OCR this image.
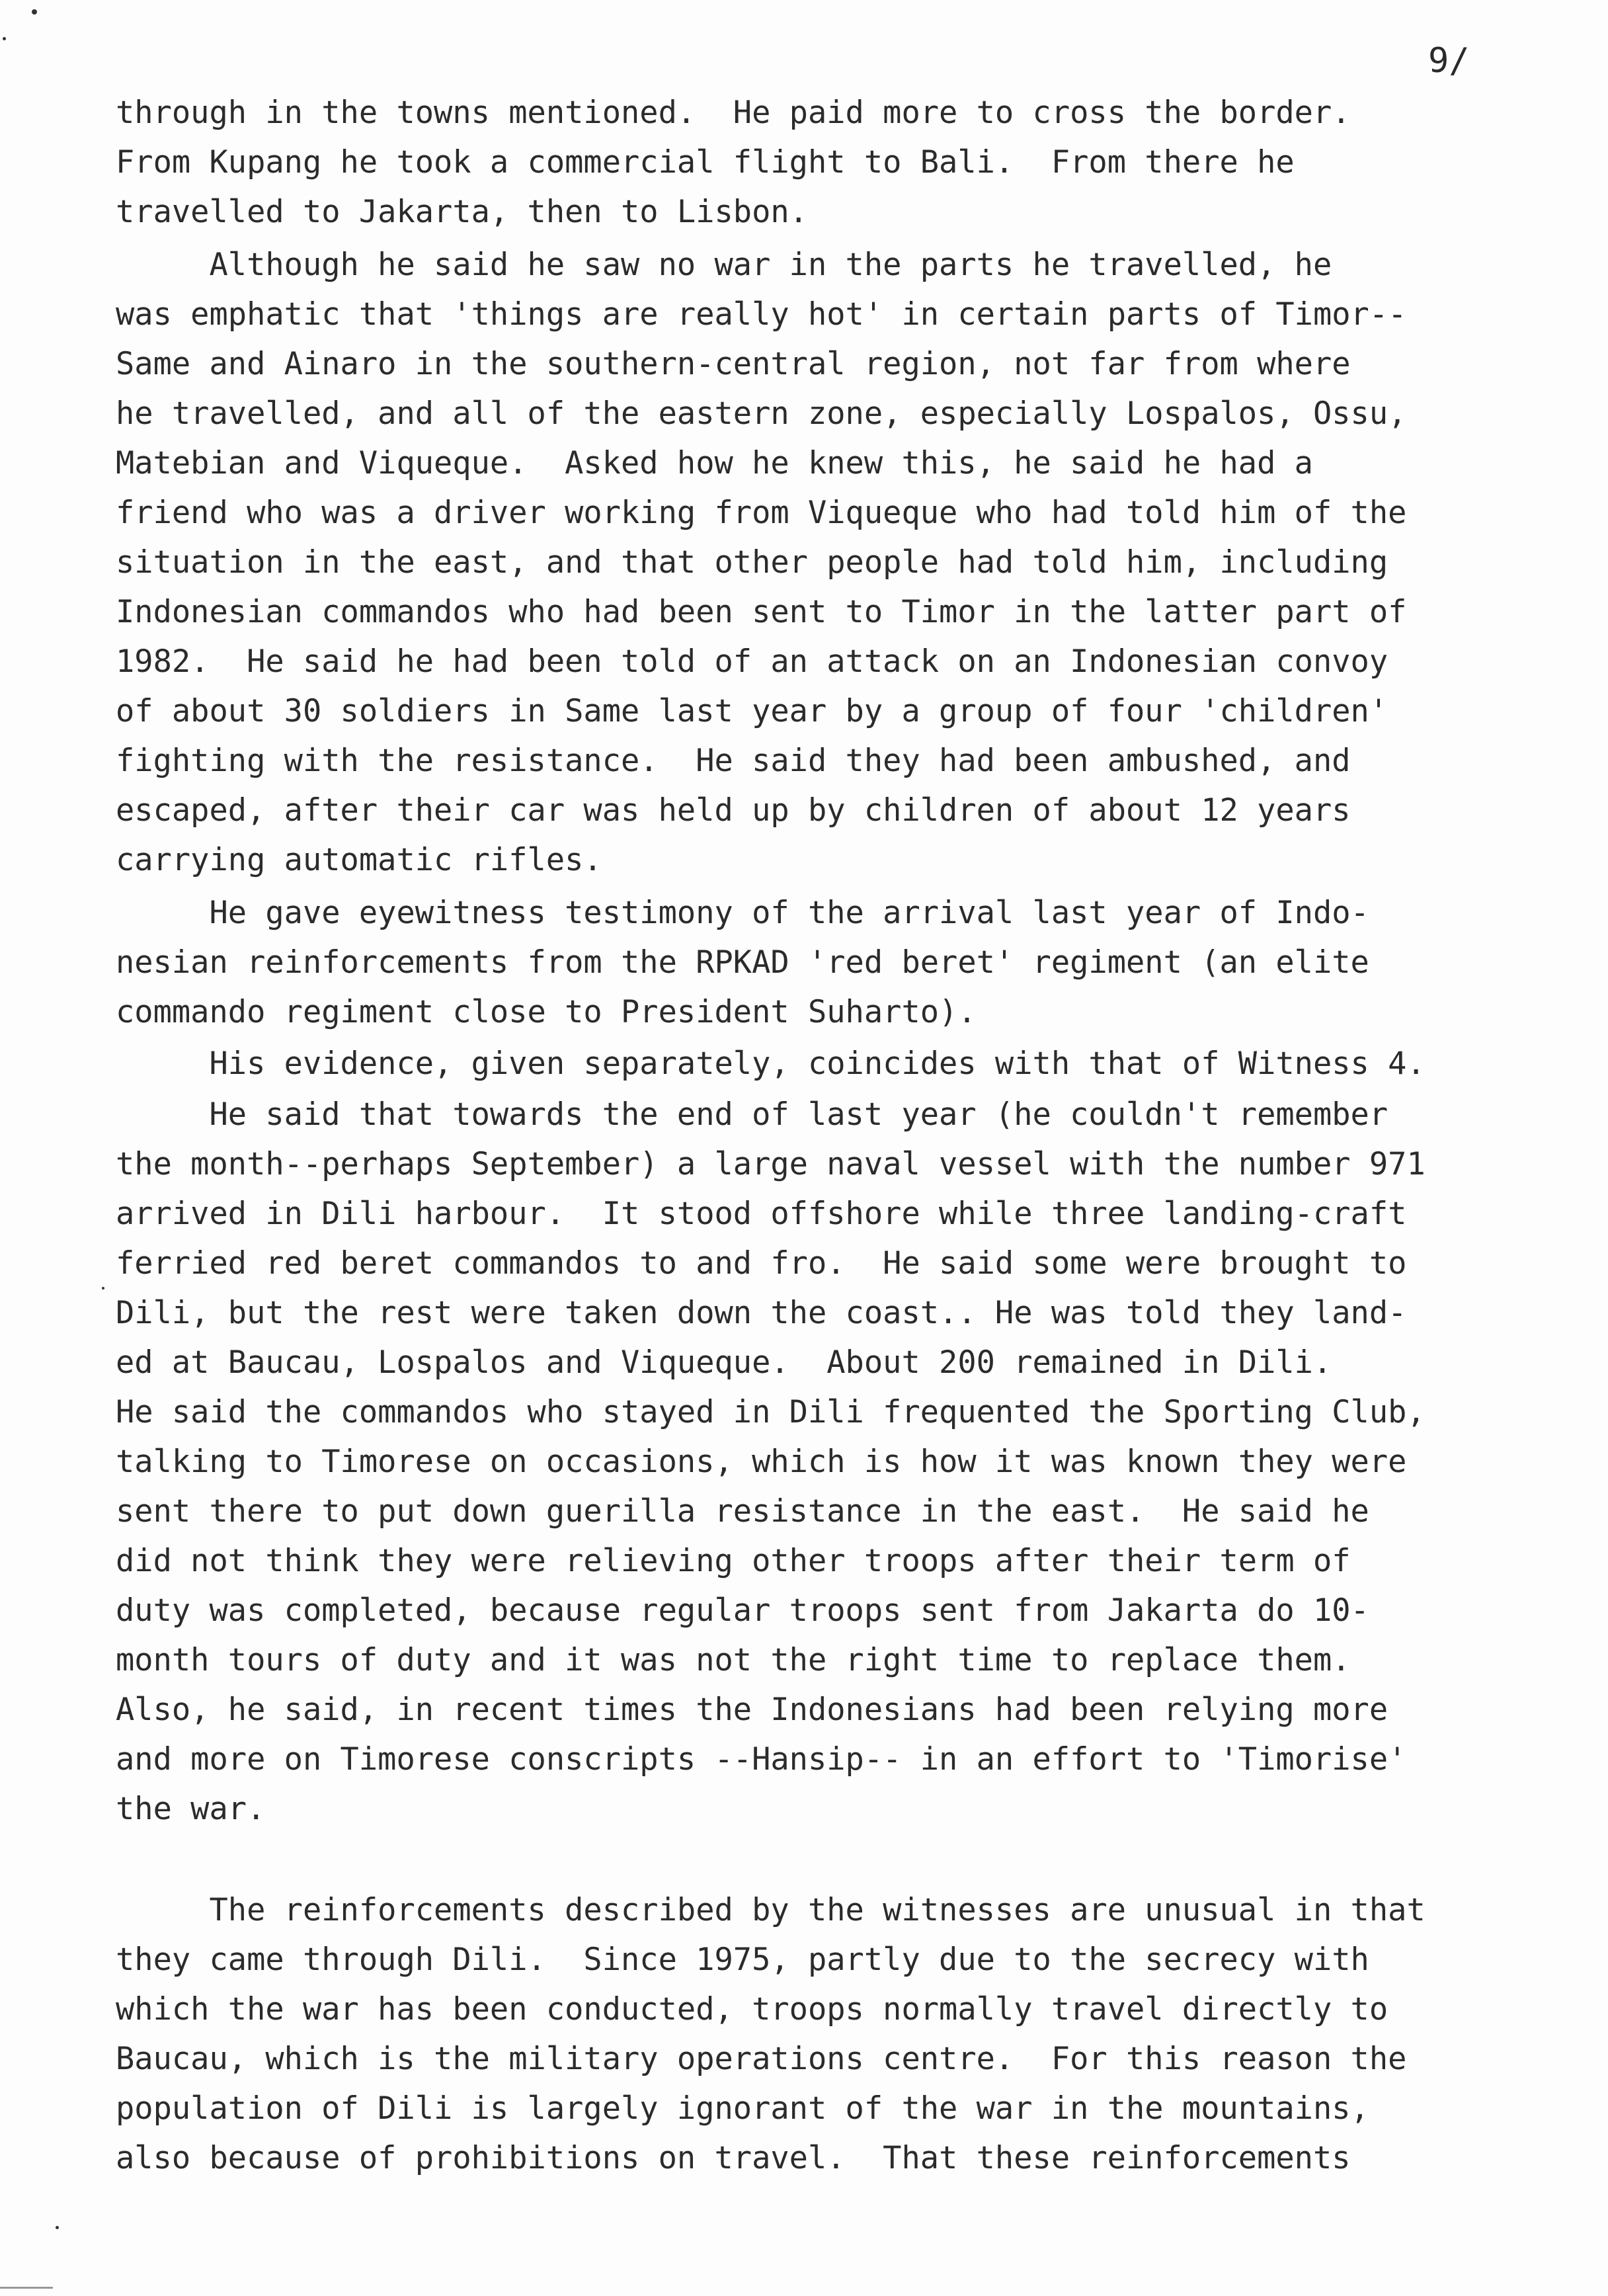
9/
through in the towns mentioned.  He paid more to cross the border.
From Kupang he took a commercial flight to Bali.  From there he
travelled to Jakarta, then to Lisbon.
Although he said he saw no war in the parts he travelled, he
was emphatic that 'things are really hot' in certain parts of Timor--
Same and Ainaro in the southern-central region, not far from where
he travelled, and all of the eastern zone, especially Lospalos, Ossu,
Matebian and Viqueque.  Asked how he knew this, he said he had a
friend who was a driver working from Viqueque who had told him of the
situation in the east, and that other people had told him, including
Indonesian commandos who had been sent to Timor in the latter part of
1982.  He said he had been told of an attack on an Indonesian convoy
of about 30 soldiers in Same last year by a group of four 'children'
fighting with the resistance.  He said they had been ambushed, and
escaped, after their car was held up by children of about 12 years
carrying automatic rifles.
He gave eyewitness testimony of the arrival last year of Indo-
nesian reinforcements from the RPKAD 'red beret' regiment (an elite
commando regiment close to President Suharto).
His evidence, given separately, coincides with that of Witness 4.
He said that towards the end of last year (he couldn't remember
the month--perhaps September) a large naval vessel with the number 971
arrived in Dili harbour.  It stood offshore while three landing-craft
ferried red beret commandos to and fro.  He said some were brought to
Dili, but the rest were taken down the coast.. He was told they land-
ed at Baucau, Lospalos and Viqueque.  About 200 remained in Dili.
He said the commandos who stayed in Dili frequented the Sporting Club,
talking to Timorese on occasions, which is how it was known they were
sent there to put down guerilla resistance in the east.  He said he
did not think they were relieving other troops after their term of
duty was completed, because regular troops sent from Jakarta do 10-
month tours of duty and it was not the right time to replace them.
Also, he said, in recent times the Indonesians had been relying more
and more on Timorese conscripts --Hansip-- in an effort to 'Timorise'
the war.
The reinforcements described by the witnesses are unusual in that
they came through Dili.  Since 1975, partly due to the secrecy with
which the war has been conducted, troops normally travel directly to
Baucau, which is the military operations centre.  For this reason the
population of Dili is largely ignorant of the war in the mountains,
also because of prohibitions on travel.  That these reinforcements
